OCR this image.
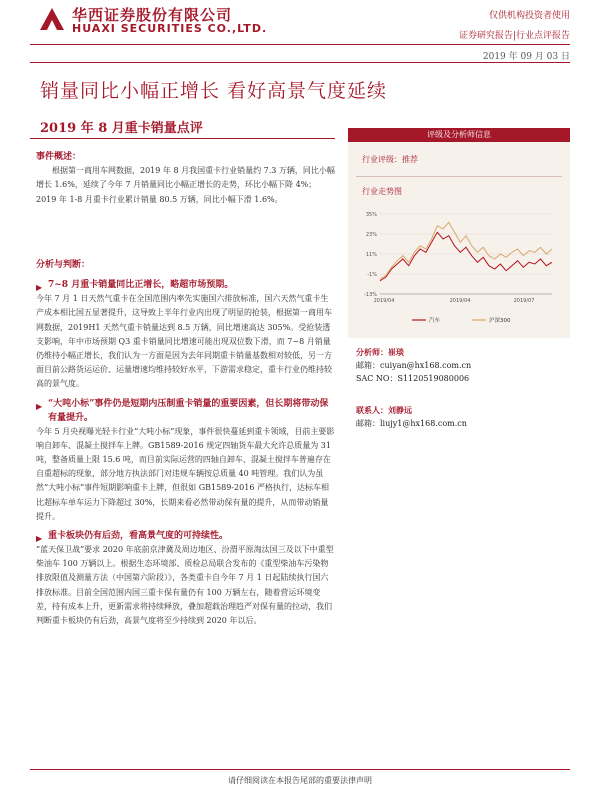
华西证券股份有限公司
HUAXI SECURITIES CO.,LTD.
仅供机构投资者使用
证券研究报告|行业点评报告
2019 年 09 月 03 日
销量同比小幅正增长 看好高景气度延续
2019 年 8 月重卡销量点评
事件概述：

根据第一商用车网数据，2019 年 8 月我国重卡行业销量约 7.3 万辆，同比小幅增长 1.6%，延续了今年 7 月销量同比小幅正增长的走势，环比小幅下降 4%；2019 年 1-8 月重卡行业累计销量 80.5 万辆，同比小幅下滑 1.6%。

分析与判断：
▶ 7~8 月重卡销量同比正增长，略超市场预期。

今年 7 月 1 日天然气重卡在全国范围内率先实施国六排放标准，国六天然气重卡生产成本相比国五显著提升，这导致上半年行业内出现了明显的抢装，根据第一商用车网数据，2019H1 天然气重卡销量达到 8.5 万辆，同比增速高达 305%。受抢装透支影响，年中市场预期 Q3 重卡销量同比增速可能出现双位数下滑，而 7~8 月销量仍维持小幅正增长，我们认为一方面是因为去年同期重卡销量基数相对较低，另一方面目前公路货运运价、运量增速均维持较好水平，下游需求稳定，重卡行业仍维持较高的景气度。

▶ “大吨小标”事件仍是短期内压制重卡销量的重要因素，但长期将带动保有量提升。

今年 5 月央视曝光轻卡行业“大吨小标”现象，事件很快蔓延到重卡领域，目前主要影响自卸车、混凝土搅拌车上牌。GB1589-2016 规定四轴货车最大允许总质量为 31 吨，整备质量上限 15.6 吨，而目前实际运营的四轴自卸车、混凝土搅拌车普遍存在自重超标的现象，部分地方执法部门对违规车辆按总质量 40 吨管理。我们认为虽然“大吨小标”事件短期影响重卡上牌，但很如 GB1589-2016 严格执行，达标车相比超标车单车运力下降超过 30%，长期来看必然带动保有量的提升，从而带动销量提升。

▶ 重卡板块仍有后劲，看高景气度的可持续性。

“蓝天保卫战”要求 2020 年底前京津冀及周边地区、汾渭平原淘汰国三及以下中重型柴油车 100 万辆以上。根据生态环境部、质检总局联合发布的《重型柴油车污染物排放限值及测量方法（中国第六阶段）》，各类重卡自今年 7 月 1 日起陆续执行国六排放标准。目前全国范围内国三重卡保有量仍有 100 万辆左右，随着营运环境变差，持有成本上升，更新需求将持续释放，叠加超载治理趋严对保有量的拉动，我们判断重卡板块仍有后劲，高景气度将至少持续到 2020 年以后。

评级及分析师信息
行业评级：推荐
行业走势图
35%
23%
11%
-1%
-13%
2019/04	2019/04	2019/07
汽车	沪深300
分析师：崔琰
邮箱：cuiyan@hx168.com.cn
SAC NO：S1120519080006
联系人：刘静远
邮箱：liujy1@hx168.com.cn
请仔细阅读在本报告尾部的重要法律声明
